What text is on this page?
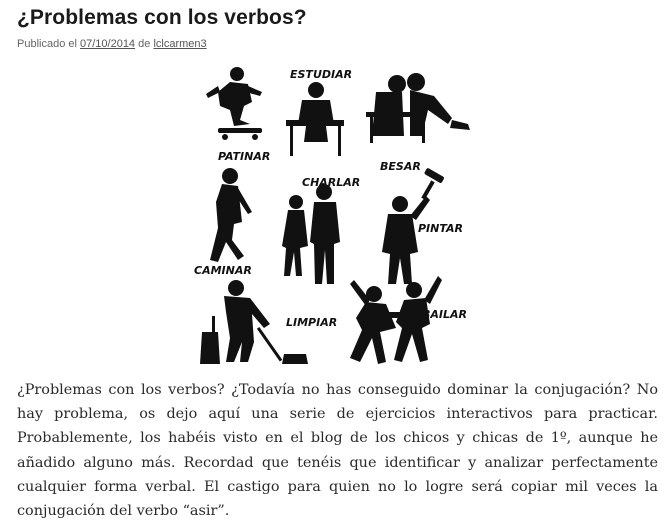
¿Problemas con los verbos?
Publicado el 07/10/2014 de lclcarmen3
PATINAR
ESTUDIAR
BESAR
CAMINAR
CHARLAR
PINTAR
LIMPIAR
BAILAR

¿Problemas con los verbos? ¿Todavía no has conseguido dominar la conjugación? No hay problema, os dejo aquí una serie de ejercicios interactivos para practicar. Probablemente, los habéis visto en el blog de los chicos y chicas de 1º, aunque he añadido alguno más. Recordad que tenéis que identificar y analizar perfectamente cualquier forma verbal. El castigo para quien no lo logre será copiar mil veces la conjugación del verbo “asir”.
